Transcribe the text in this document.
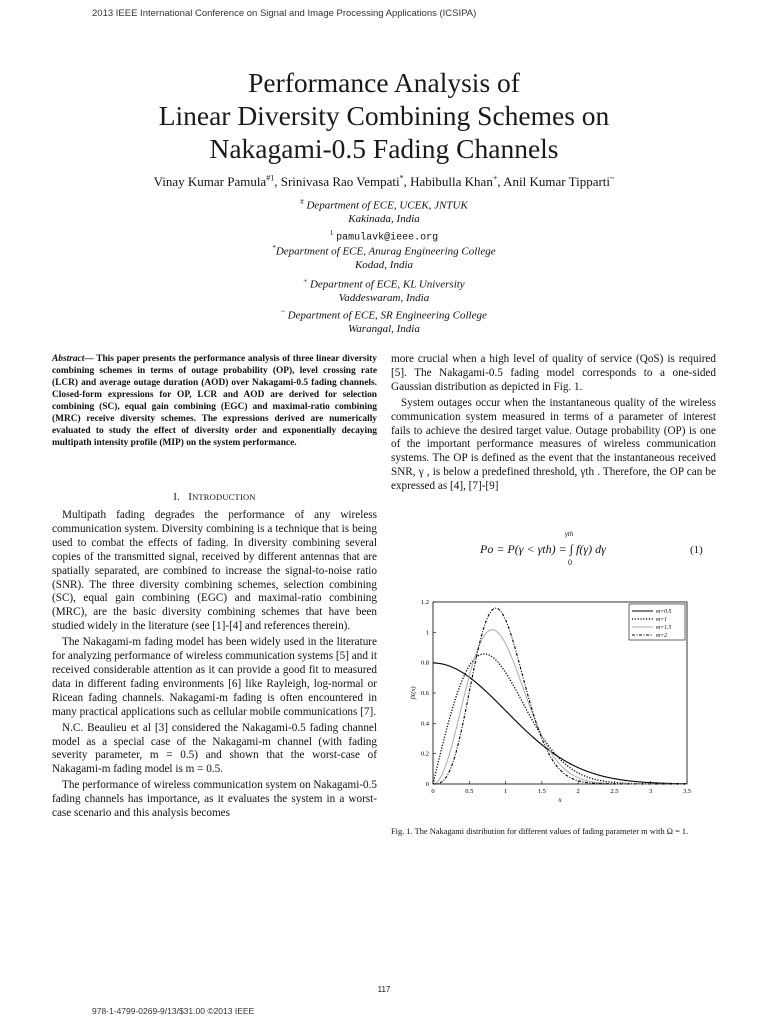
2013 IEEE International Conference on Signal and Image Processing Applications (ICSIPA)
Performance Analysis of
Linear Diversity Combining Schemes on
Nakagami-0.5 Fading Channels
Vinay Kumar Pamula$^{\#1}$, Srinivasa Rao Vempati*, Habibulla Khan+, Anil Kumar Tipparti~
# Department of ECE, UCEK, JNTUK
Kakinada, India
$^1$ pamulavk@ieee.org
*Department of ECE, Anurag Engineering College
Kodad, India
+ Department of ECE, KL University
Vaddeswaram, India
~ Department of ECE, SR Engineering College
Warangal, India
Abstract— This paper presents the performance analysis of three linear diversity combining schemes in terms of outage probability (OP), level crossing rate (LCR) and average outage duration (AOD) over Nakagami-0.5 fading channels. Closed-form expressions for OP, LCR and AOD are derived for selection combining (SC), equal gain combining (EGC) and maximal-ratio combining (MRC) receive diversity schemes. The expressions derived are numerically evaluated to study the effect of diversity order and exponentially decaying multipath intensity profile (MIP) on the system performance.
I. INTRODUCTION

Multipath fading degrades the performance of any wireless communication system. Diversity combining is a technique that is being used to combat the effects of fading. In diversity combining several copies of the transmitted signal, received by different antennas that are spatially separated, are combined to increase the signal-to-noise ratio (SNR). The three diversity combining schemes, selection combining (SC), equal gain combining (EGC) and maximal-ratio combining (MRC), are the basic diversity combining schemes that have been studied widely in the literature (see [1]-[4] and references therein).

The Nakagami-m fading model has been widely used in the literature for analyzing performance of wireless communication systems [5] and it received considerable attention as it can provide a good fit to measured data in different fading environments [6] like Rayleigh, log-normal or Ricean fading channels. Nakagami-m fading is often encountered in many practical applications such as cellular mobile communications [7].

N.C. Beaulieu et al [3] considered the Nakagami-0.5 fading channel model as a special case of the Nakagami-m channel (with fading severity parameter, m = 0.5) and shown that the worst-case of Nakagami-m fading model is m = 0.5.

The performance of wireless communication system on Nakagami-0.5 fading channels has importance, as it evaluates the system in a worst-case scenario and this analysis becomes

more crucial when a high level of quality of service (QoS) is required [5]. The Nakagami-0.5 fading model corresponds to a one-sided Gaussian distribution as depicted in Fig. 1.

System outages occur when the instantaneous quality of the wireless communication system measured in terms of a parameter of interest fails to achieve the desired target value. Outage probability (OP) is one of the important performance measures of wireless communication systems. The OP is defined as the event that the instantaneous received SNR, γ , is below a predefined threshold, γth . Therefore, the OP can be expressed as [4], [7]-[9]

γth
Po = P(γ < γth) = ∫ f(γ) dγ
0
(1)
0	0.5	1	1.5	2	2.5	3	3.5
0
0.2
0.4
0.6
0.8
1
1.2
x
fX(x)
m=0.5
m=1
m=1.5
m=2
Fig. 1. The Nakagami distribution for different values of fading parameter m with Ω = 1.
117
978-1-4799-0269-9/13/$31.00 ©2013 IEEE
